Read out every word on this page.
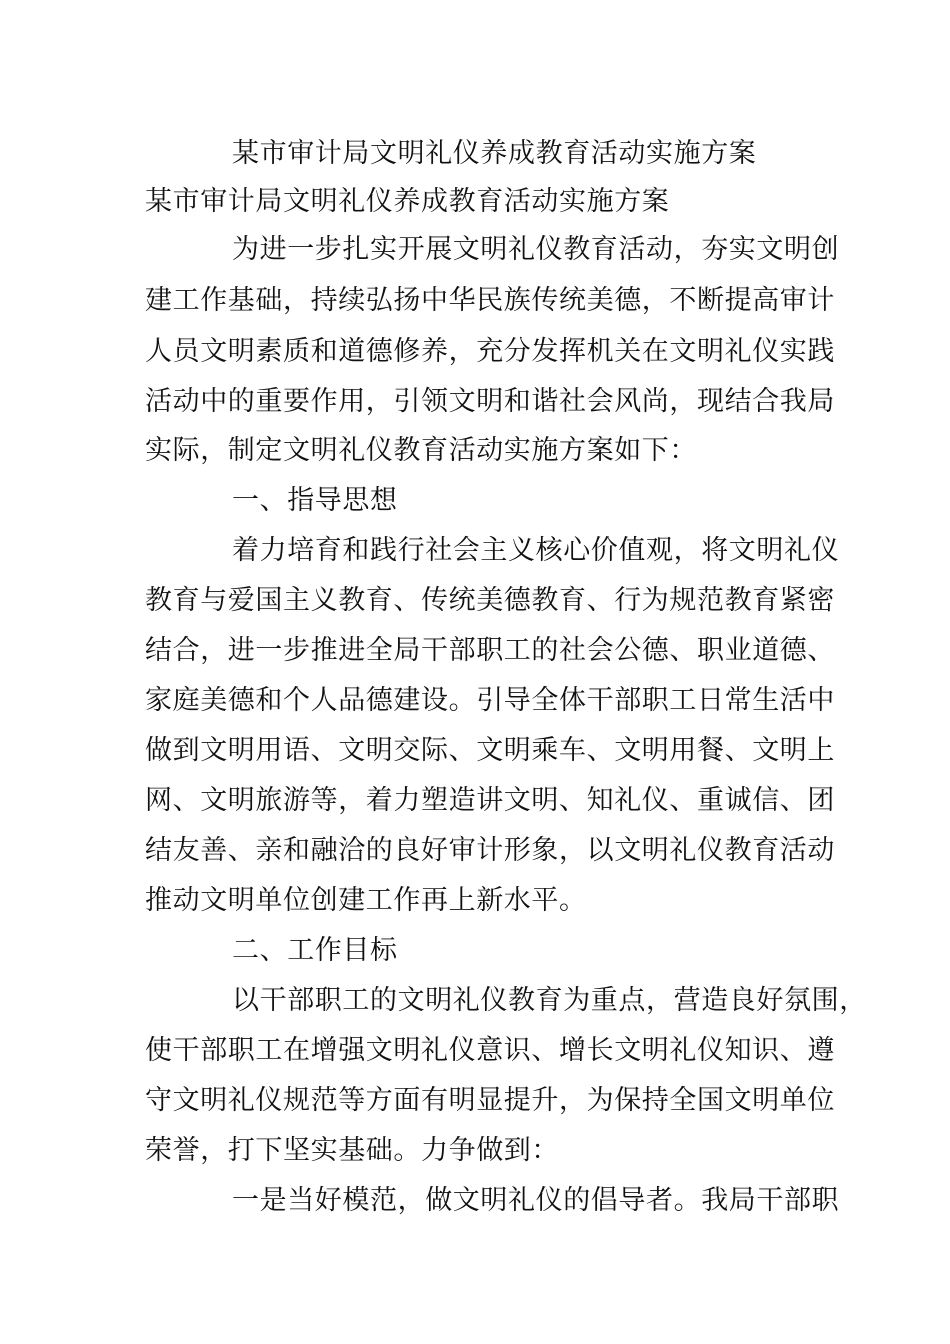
某市审计局文明礼仪养成教育活动实施方案
某市审计局文明礼仪养成教育活动实施方案
为进一步扎实开展文明礼仪教育活动，夯实文明创
建工作基础，持续弘扬中华民族传统美德，不断提高审计
人员文明素质和道德修养，充分发挥机关在文明礼仪实践
活动中的重要作用，引领文明和谐社会风尚，现结合我局
实际，制定文明礼仪教育活动实施方案如下：
一、指导思想
着力培育和践行社会主义核心价值观，将文明礼仪
教育与爱国主义教育、传统美德教育、行为规范教育紧密
结合，进一步推进全局干部职工的社会公德、职业道德、
家庭美德和个人品德建设。引导全体干部职工日常生活中
做到文明用语、文明交际、文明乘车、文明用餐、文明上
网、文明旅游等，着力塑造讲文明、知礼仪、重诚信、团
结友善、亲和融洽的良好审计形象，以文明礼仪教育活动
推动文明单位创建工作再上新水平。
二、工作目标
以干部职工的文明礼仪教育为重点，营造良好氛围，
使干部职工在增强文明礼仪意识、增长文明礼仪知识、遵
守文明礼仪规范等方面有明显提升，为保持全国文明单位
荣誉，打下坚实基础。力争做到：
一是当好模范，做文明礼仪的倡导者。我局干部职
